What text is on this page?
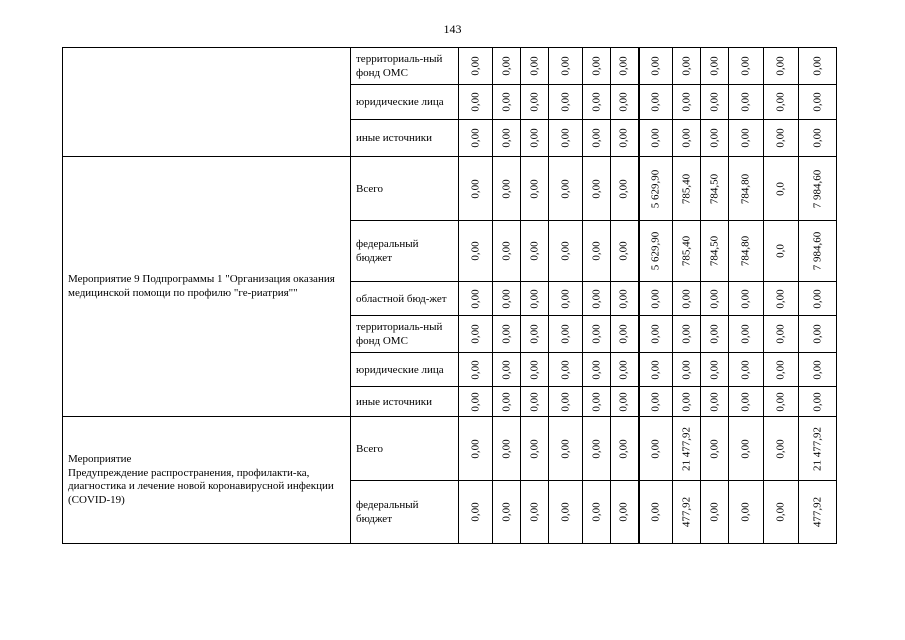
143
	территориаль-ный фонд ОМС	0,00	0,00	0,00	0,00	0,00	0,00	0,00	0,00	0,00	0,00	0,00	0,00

	юридические лица	0,00	0,00	0,00	0,00	0,00	0,00	0,00	0,00	0,00	0,00	0,00	0,00

	иные источники	0,00	0,00	0,00	0,00	0,00	0,00	0,00	0,00	0,00	0,00	0,00	0,00

Мероприятие 9 Подпрограммы 1 "Организация оказания медицинской помощи по профилю "ге-риатрия""	Всего	0,00	0,00	0,00	0,00	0,00	0,00	5 629,90	785,40	784,50	784,80	0,0	7 984,60

	федеральный бюджет	0,00	0,00	0,00	0,00	0,00	0,00	5 629,90	785,40	784,50	784,80	0,0	7 984,60

	областной бюд-жет	0,00	0,00	0,00	0,00	0,00	0,00	0,00	0,00	0,00	0,00	0,00	0,00

	территориаль-ный фонд ОМС	0,00	0,00	0,00	0,00	0,00	0,00	0,00	0,00	0,00	0,00	0,00	0,00

	юридические лица	0,00	0,00	0,00	0,00	0,00	0,00	0,00	0,00	0,00	0,00	0,00	0,00

	иные источники	0,00	0,00	0,00	0,00	0,00	0,00	0,00	0,00	0,00	0,00	0,00	0,00

Мероприятие
Предупреждение распространения, профилакти-ка, диагностика и лечение новой коронавирусной инфекции (COVID-19)	Всего	0,00	0,00	0,00	0,00	0,00	0,00	0,00	21 477,92	0,00	0,00	0,00	21 477,92

	федеральный бюджет	0,00	0,00	0,00	0,00	0,00	0,00	0,00	477,92	0,00	0,00	0,00	477,92
